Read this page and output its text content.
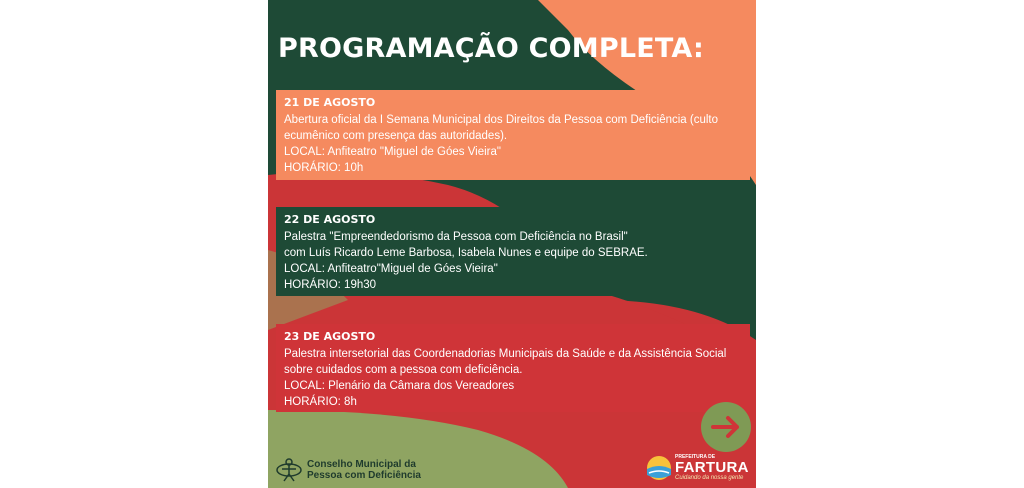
PROGRAMAÇÃO COMPLETA:
21 DE AGOSTO
Abertura oficial da I Semana Municipal dos Direitos da Pessoa com Deficiência (culto
ecumênico com presença das autoridades).
LOCAL: Anfiteatro "Miguel de Góes Vieira"
HORÁRIO: 10h
22 DE AGOSTO
Palestra "Empreendedorismo da Pessoa com Deficiência no Brasil"
com Luís Ricardo Leme Barbosa, Isabela Nunes e equipe do SEBRAE.
LOCAL: Anfiteatro"Miguel de Góes Vieira"
HORÁRIO: 19h30
23 DE AGOSTO
Palestra intersetorial das Coordenadorias Municipais da Saúde e da Assistência Social
sobre cuidados com a pessoa com deficiência.
LOCAL: Plenário da Câmara dos Vereadores
HORÁRIO: 8h
Conselho Municipal da
Pessoa com Deficiência
PREFEITURA DE
FARTURA
Cuidando da nossa gente
